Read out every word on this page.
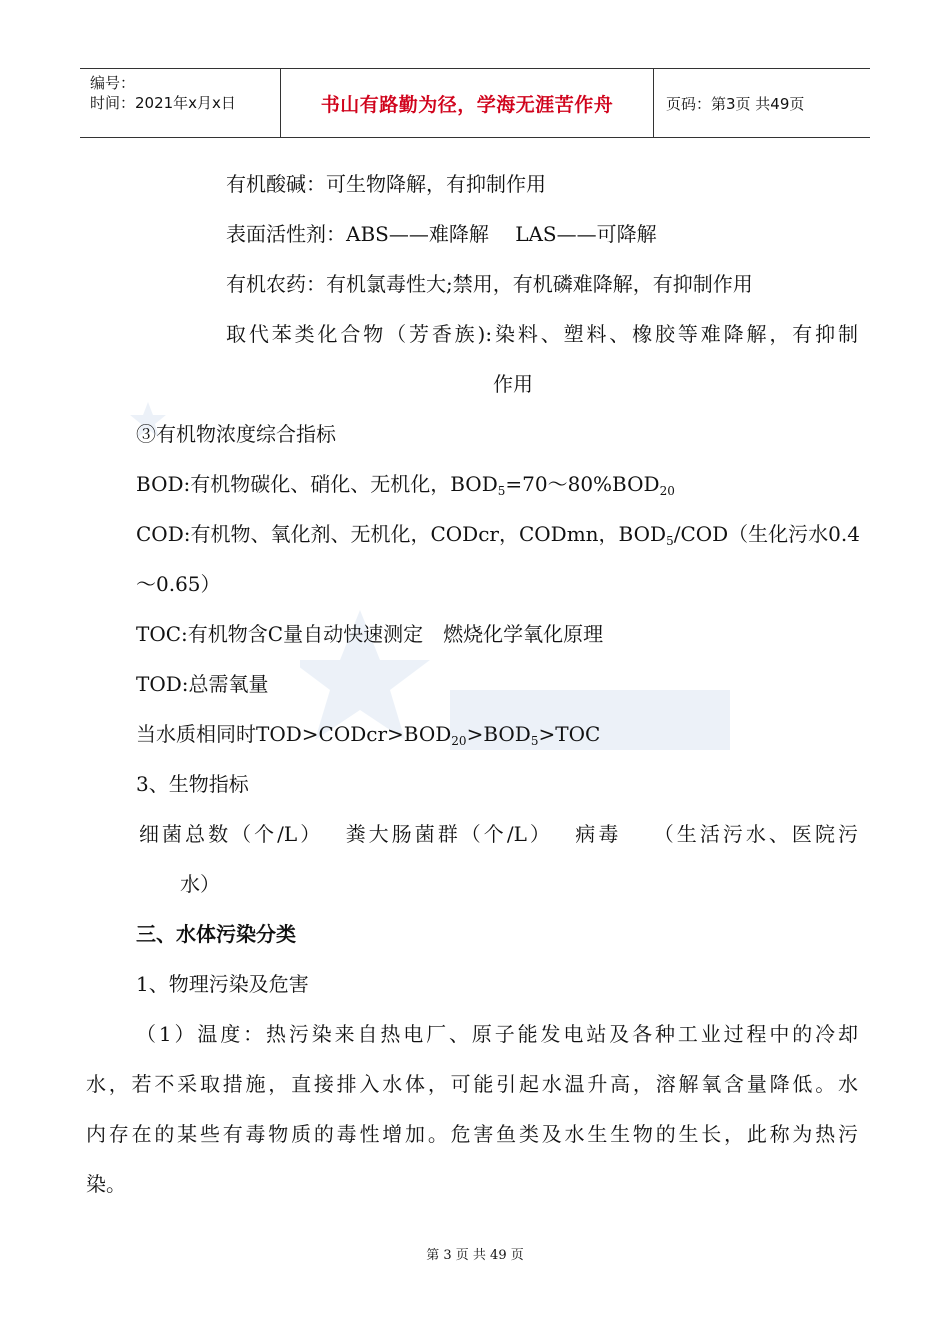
编号：
时间：2021年x月x日	书山有路勤为径，学海无涯苦作舟	页码：第3页 共49页
有机酸碱：可生物降解，有抑制作用
表面活性剂：ABS——难降解　 LAS——可降解
有机农药：有机氯毒性大;禁用，有机磷难降解，有抑制作用
取代苯类化合物（芳香族):染料、塑料、橡胶等难降解，有抑制
作用
③有机物浓度综合指标
BOD:有机物碳化、硝化、无机化，$BOD_5=70\sim 80\%BOD_{20}$
COD:有机物、氧化剂、无机化，CODcr，CODmn，$BOD_5/COD$（生化污水0.4
～0.65）
TOC:有机物含C量自动快速测定　燃烧化学氧化原理
TOD:总需氧量
当水质相同时$TOD>CODcr>BOD_{20}>BOD_5>TOC$
3、生物指标
细菌总数（个/L）　 粪大肠菌群（个/L）　 病毒　 （生活污水、医院污
水）
三、水体污染分类
1、物理污染及危害
（1）温度：热污染来自热电厂、原子能发电站及各种工业过程中的冷却
水，若不采取措施，直接排入水体，可能引起水温升高，溶解氧含量降低。水
内存在的某些有毒物质的毒性增加。危害鱼类及水生生物的生长，此称为热污
染。
第 3 页 共 49 页
